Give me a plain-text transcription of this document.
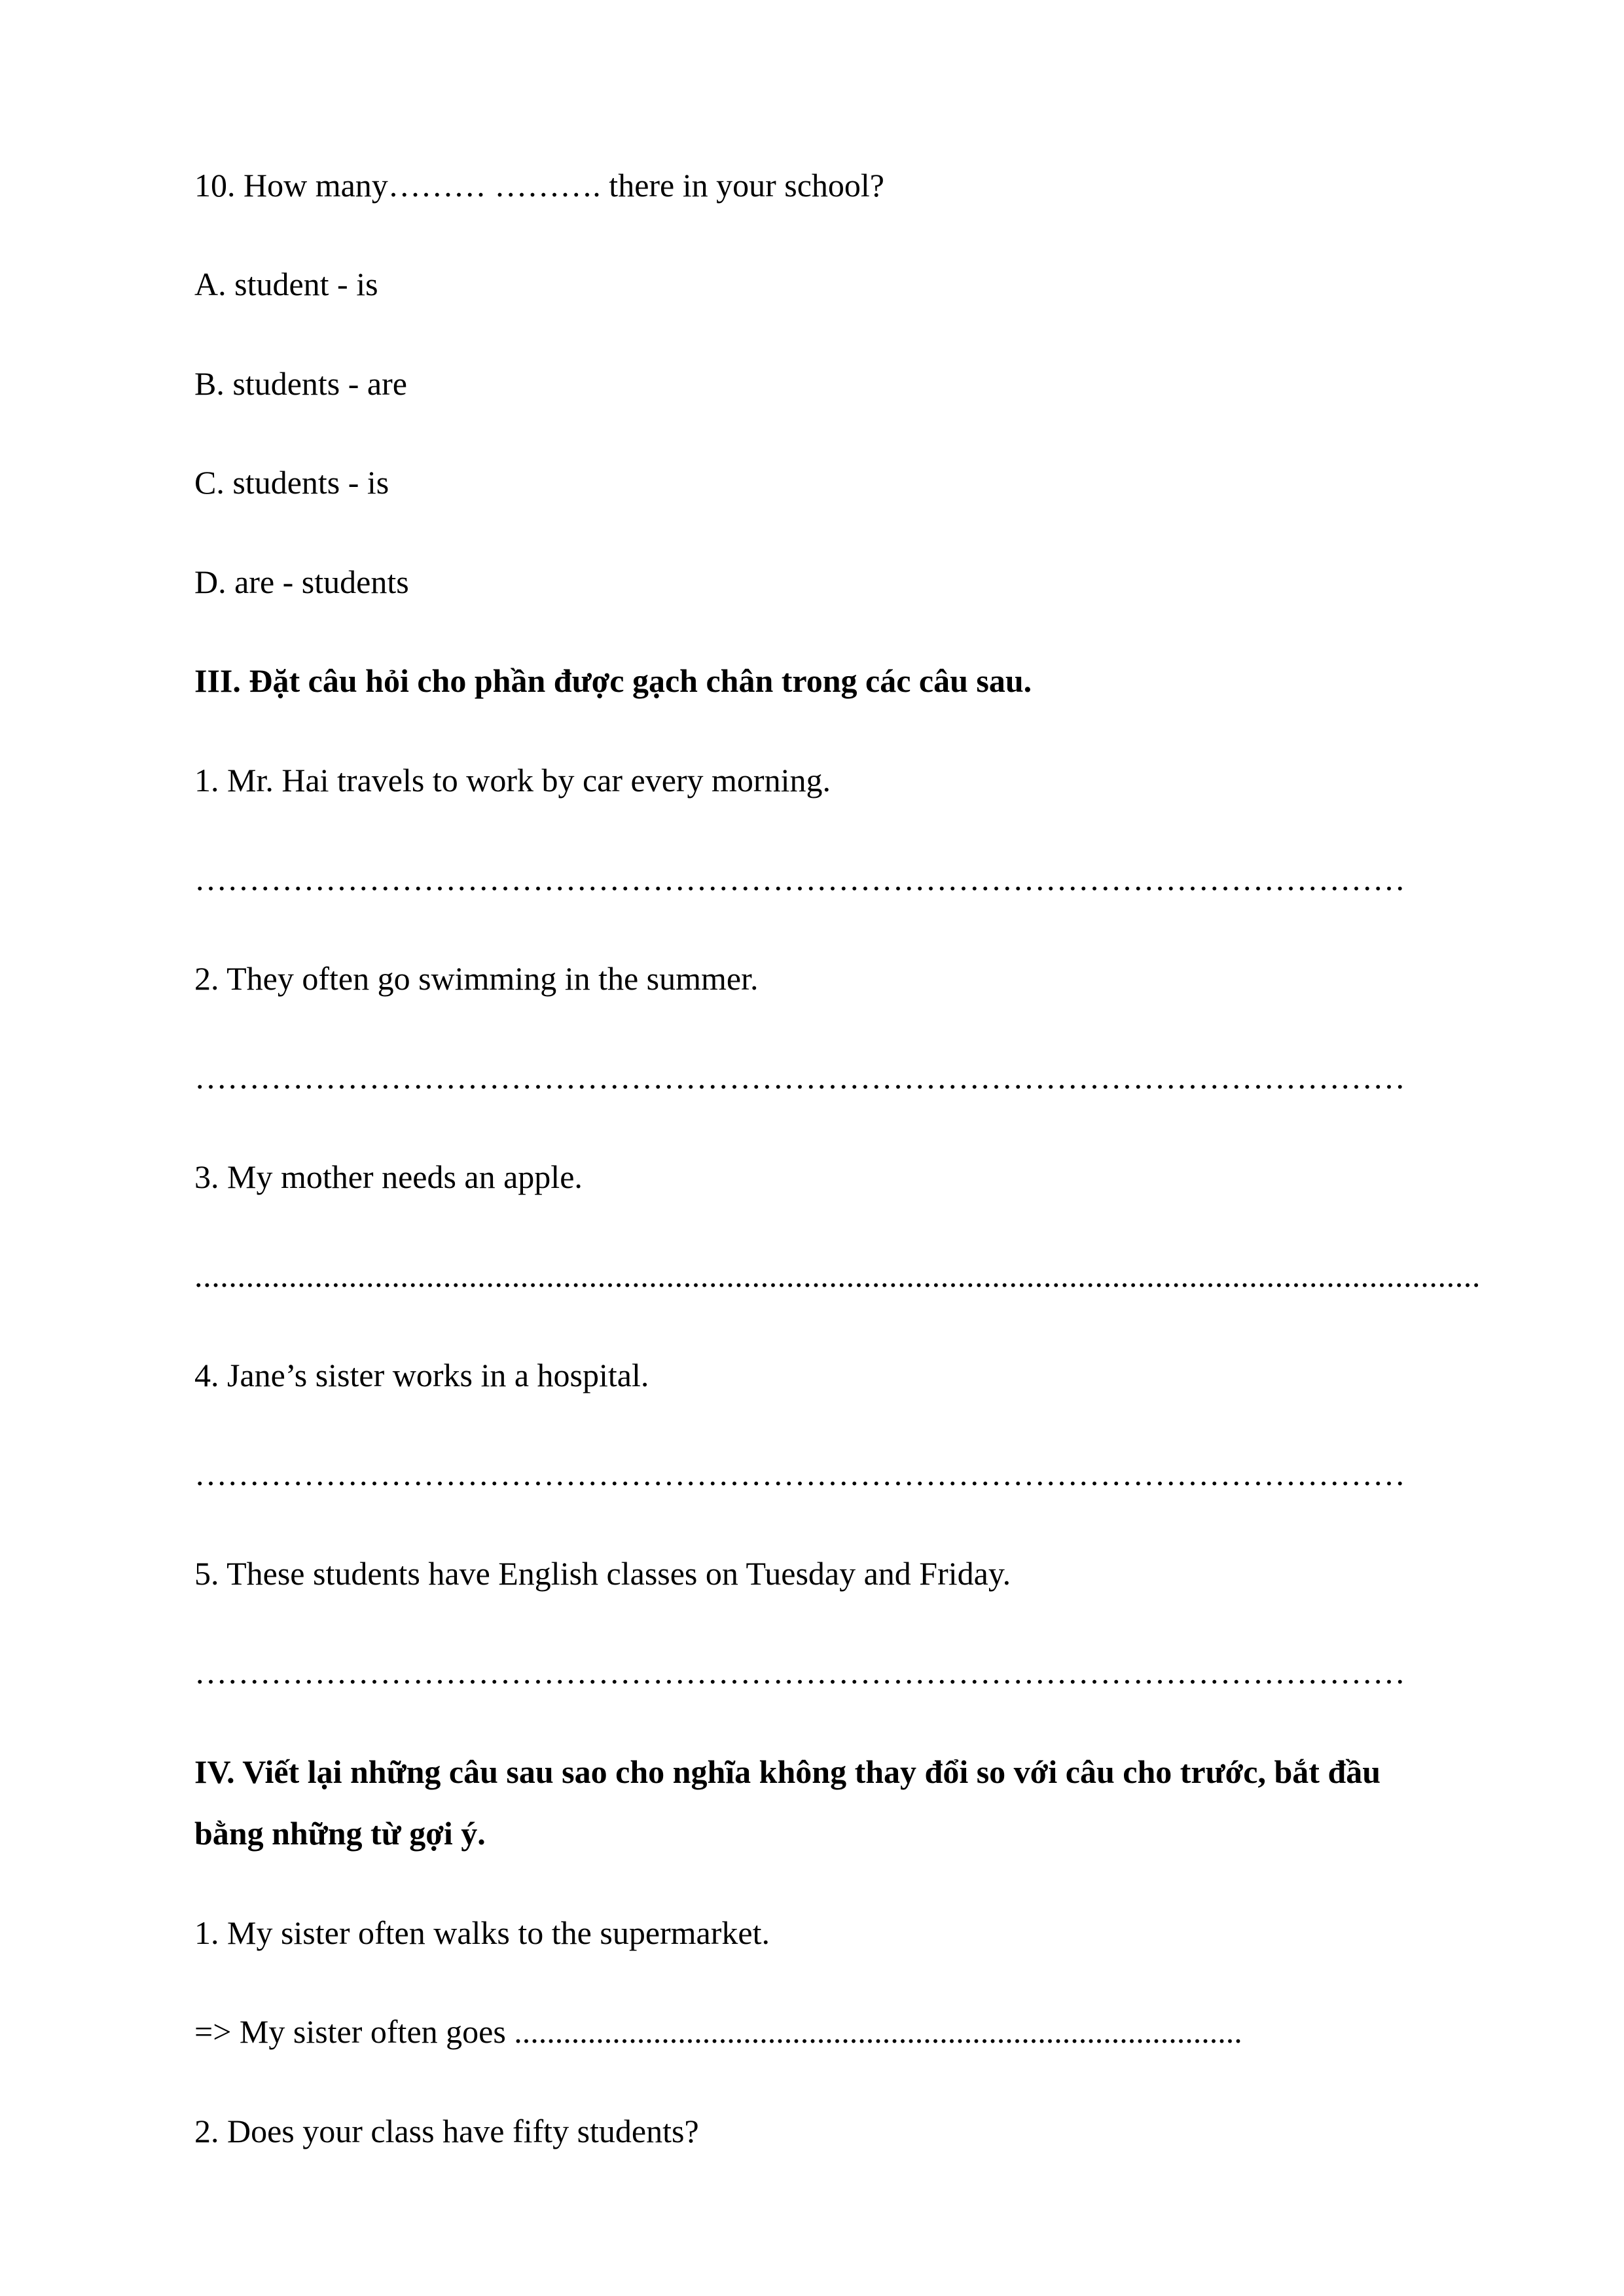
10. How many……… ………. there in your school?
A. student - is
B. students - are
C. students - is
D. are - students
III. Đặt câu hỏi cho phần được gạch chân trong các câu sau.
1. Mr. Hai travels to work by car every morning.
…………………………………………………………………………………………………
2. They often go swimming in the summer.
…………………………………………………………………………………………………
3. My mother needs an apple.
......................................................................................................................................................
4. Jane’s sister works in a hospital.
…………………………………………………………………………………………………
5. These students have English classes on Tuesday and Friday.
…………………………………………………………………………………………………
IV. Viết lại những câu sau sao cho nghĩa không thay đổi so với câu cho trước, bắt đầu
bằng những từ gợi ý.
1. My sister often walks to the supermarket.
=> My sister often goes .........................................................................................
2. Does your class have fifty students?
